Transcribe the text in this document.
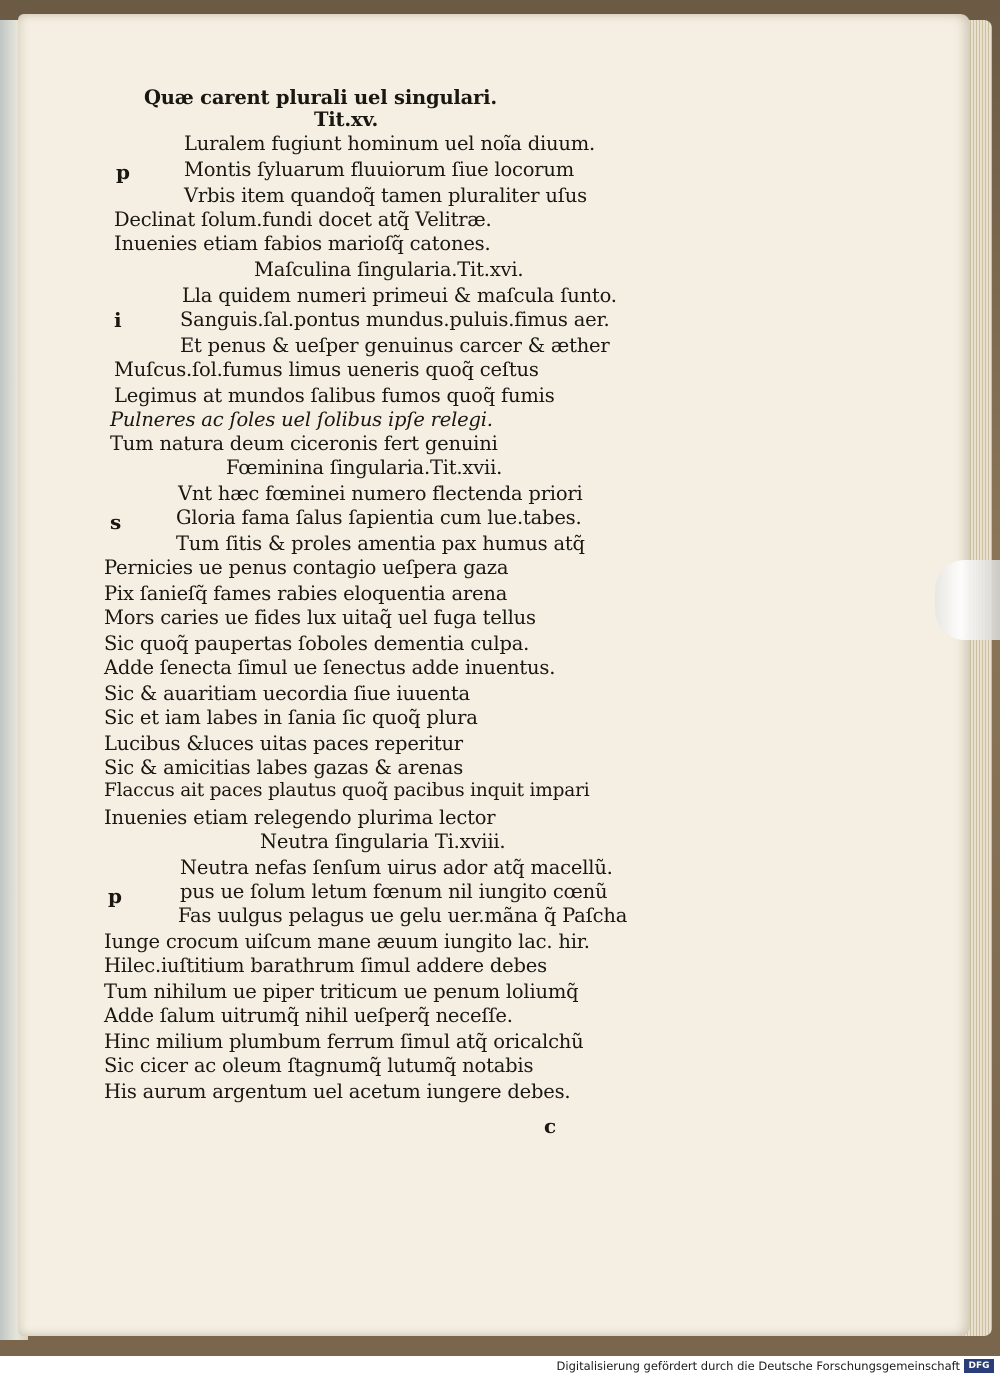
Quæ carent plurali uel singulari.
Tit.xv.
Luralem fugiunt hominum uel noĩa diuum.
p	Montis ſyluarum fluuiorum ſiue locorum
Vrbis item quandoq̃ tamen pluraliter uſus
Declinat ſolum.fundi docet atq̃ Velitræ.
Inuenies etiam fabios marioſq̃ catones.
Maſculina ſingularia.Tit.xvi.
Lla quidem numeri primeui & maſcula ſunto.
i	Sanguis.ſal.pontus mundus.puluis.fimus aer.
Et penus & ueſper genuinus carcer & æther
Muſcus.ſol.fumus limus ueneris quoq̃ ceſtus
Legimus at mundos ſalibus fumos quoq̃ fumis
Pulneres ac ſoles uel ſolibus ipſe relegi.
Tum natura deum ciceronis fert genuini
Fœminina ſingularia.Tit.xvii.
Vnt hæc fœminei numero flectenda priori
s	Gloria fama ſalus ſapientia cum lue.tabes.
Tum ſitis & proles amentia pax humus atq̃
Pernicies ue penus contagio ueſpera gaza
Pix ſanieſq̃ fames rabies eloquentia arena
Mors caries ue fides lux uitaq̃ uel fuga tellus
Sic quoq̃ paupertas ſoboles dementia culpa.
Adde ſenecta ſimul ue ſenectus adde inuentus.
Sic & auaritiam uecordia ſiue iuuenta
Sic et iam labes in ſania ſic quoq̃ plura
Lucibus &luces uitas paces reperitur
Sic & amicitias labes gazas & arenas
Flaccus ait paces plautus quoq̃ pacibus inquit impari
Inuenies etiam relegendo plurima lector
Neutra ſingularia Ti.xviii.
Neutra nefas ſenſum uirus ador atq̃ macellũ.
p	pus ue ſolum letum fœnum nil iungito cœnũ
Fas uulgus pelagus ue gelu uer.mãna q̃ Paſcha
Iunge crocum uiſcum mane æuum iungito lac. hir.
Hilec.iuſtitium barathrum ſimul addere debes
Tum nihilum ue piper triticum ue penum loliumq̃
Adde ſalum uitrumq̃ nihil ueſperq̃ neceſſe.
Hinc milium plumbum ferrum ſimul atq̃ oricalchũ
Sic cicer ac oleum ſtagnumq̃ lutumq̃ notabis
His aurum argentum uel acetum iungere debes.
c
Digitalisierung gefördert durch die Deutsche Forschungsgemeinschaft DFG
